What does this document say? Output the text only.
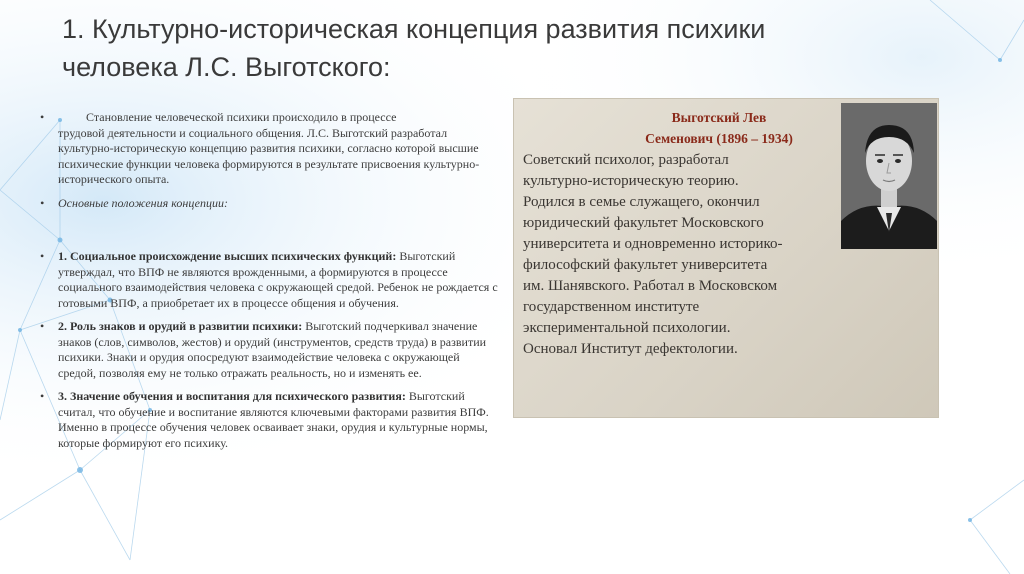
1. Культурно-историческая концепция развития психики
человека Л.С. Выготского:
•	Становление человеческой психики происходило в процессе
трудовой деятельности и социального общения. Л.С. Выготский разработал культурно-историческую концепцию развития психики, согласно которой высшие психические функции человека формируются в результате присвоения культурно-исторического опыта.
• Основные положения концепции:
• 1. Социальное происхождение высших психических функций: Выготский утверждал, что ВПФ не являются врожденными, а формируются в процессе социального взаимодействия человека с окружающей средой. Ребенок не рождается с готовыми ВПФ, а приобретает их в процессе общения и обучения.
• 2. Роль знаков и орудий в развитии психики: Выготский подчеркивал значение знаков (слов, символов, жестов) и орудий (инструментов, средств труда) в развитии психики. Знаки и орудия опосредуют взаимодействие человека с окружающей средой, позволяя ему не только отражать реальность, но и изменять ее.
• 3. Значение обучения и воспитания для психического развития: Выготский считал, что обучение и воспитание являются ключевыми факторами развития ВПФ. Именно в процессе обучения человек осваивает знаки, орудия и культурные нормы, которые формируют его психику.
Выготский Лев
Семенович (1896 – 1934)
Советский психолог, разработал
культурно-историческую теорию.
Родился в семье служащего, окончил
юридический факультет Московского
университета и одновременно историко-
философский факультет университета
им. Шанявского. Работал в Московском
государственном институте
экспериментальной психологии.
Основал Институт дефектологии.
